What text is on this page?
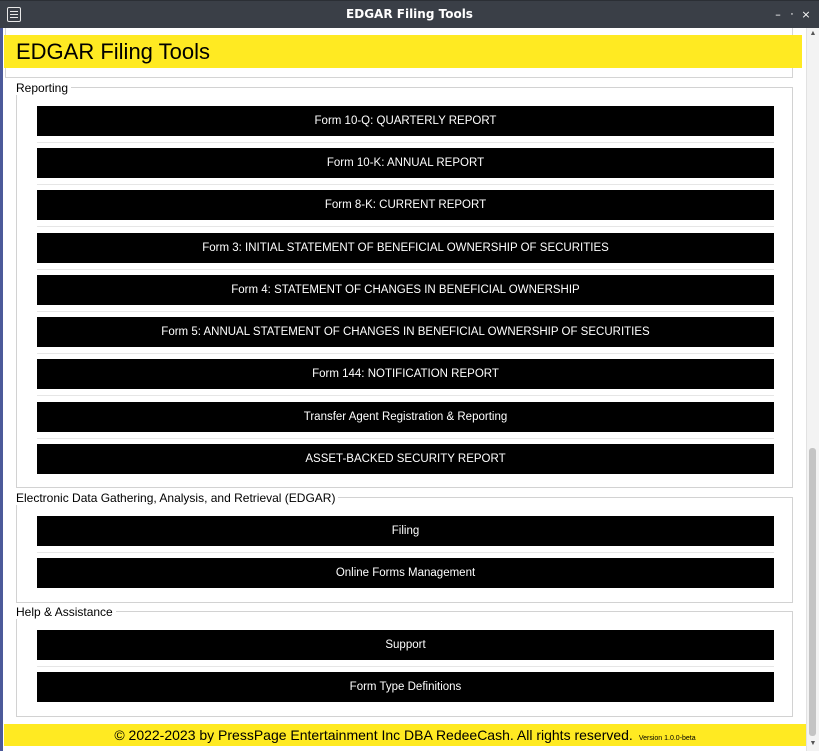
EDGAR Filing Tools	– ⸱ ×
EDGAR Filing Tools
Reporting
Form 10-Q: QUARTERLY REPORT
Form 10-K: ANNUAL REPORT
Form 8-K: CURRENT REPORT
Form 3: INITIAL STATEMENT OF BENEFICIAL OWNERSHIP OF SECURITIES
Form 4: STATEMENT OF CHANGES IN BENEFICIAL OWNERSHIP
Form 5: ANNUAL STATEMENT OF CHANGES IN BENEFICIAL OWNERSHIP OF SECURITIES
Form 144: NOTIFICATION REPORT
Transfer Agent Registration & Reporting
ASSET-BACKED SECURITY REPORT
Electronic Data Gathering, Analysis, and Retrieval (EDGAR)
Filing
Online Forms Management
Help & Assistance
Support
Form Type Definitions
© 2022-2023 by PressPage Entertainment Inc DBA RedeeCash. All rights reserved. Version 1.0.0-beta
▲
▼
